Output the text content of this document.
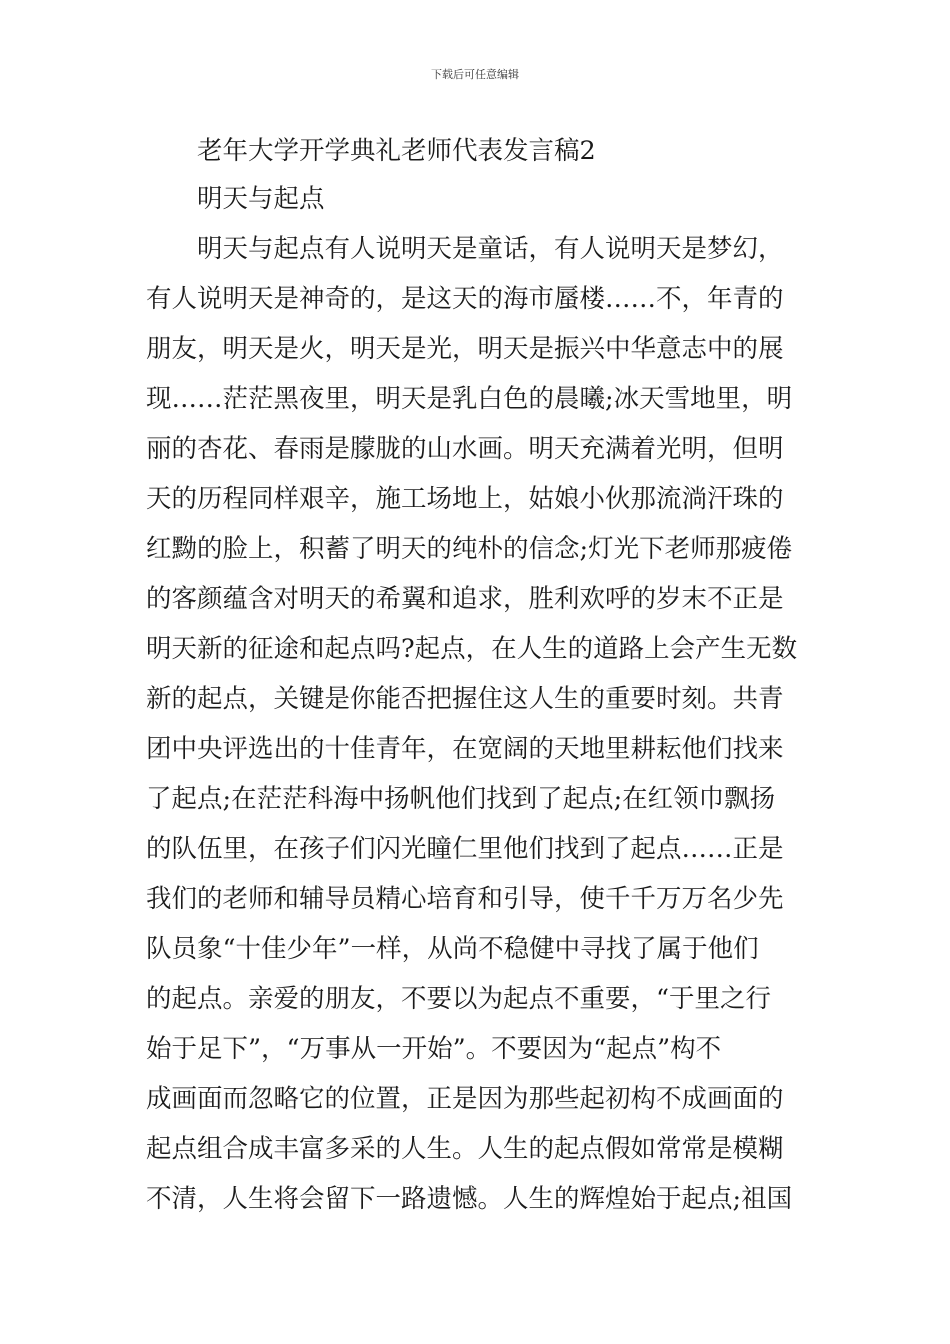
下载后可任意编辑
老年大学开学典礼老师代表发言稿2
明天与起点
明天与起点有人说明天是童话，有人说明天是梦幻，
有人说明天是神奇的，是这天的海市蜃楼……不，年青的
朋友，明天是火，明天是光，明天是振兴中华意志中的展
现……茫茫黑夜里，明天是乳白色的晨曦;冰天雪地里，明
丽的杏花、春雨是朦胧的山水画。明天充满着光明，但明
天的历程同样艰辛，施工场地上，姑娘小伙那流淌汗珠的
红黝的脸上，积蓄了明天的纯朴的信念;灯光下老师那疲倦
的客颜蕴含对明天的希翼和追求，胜利欢呼的岁末不正是
明天新的征途和起点吗?起点，在人生的道路上会产生无数
新的起点，关键是你能否把握住这人生的重要时刻。共青
团中央评选出的十佳青年，在宽阔的天地里耕耘他们找来
了起点;在茫茫科海中扬帆他们找到了起点;在红领巾飘扬
的队伍里，在孩子们闪光瞳仁里他们找到了起点……正是
我们的老师和辅导员精心培育和引导，使千千万万名少先
队员象“十佳少年”一样，从尚不稳健中寻找了属于他们
的起点。亲爱的朋友，不要以为起点不重要，“于里之行
始于足下”，“万事从一开始”。不要因为“起点”构不
成画面而忽略它的位置，正是因为那些起初构不成画面的
起点组合成丰富多采的人生。人生的起点假如常常是模糊
不清，人生将会留下一路遗憾。人生的辉煌始于起点;祖国
